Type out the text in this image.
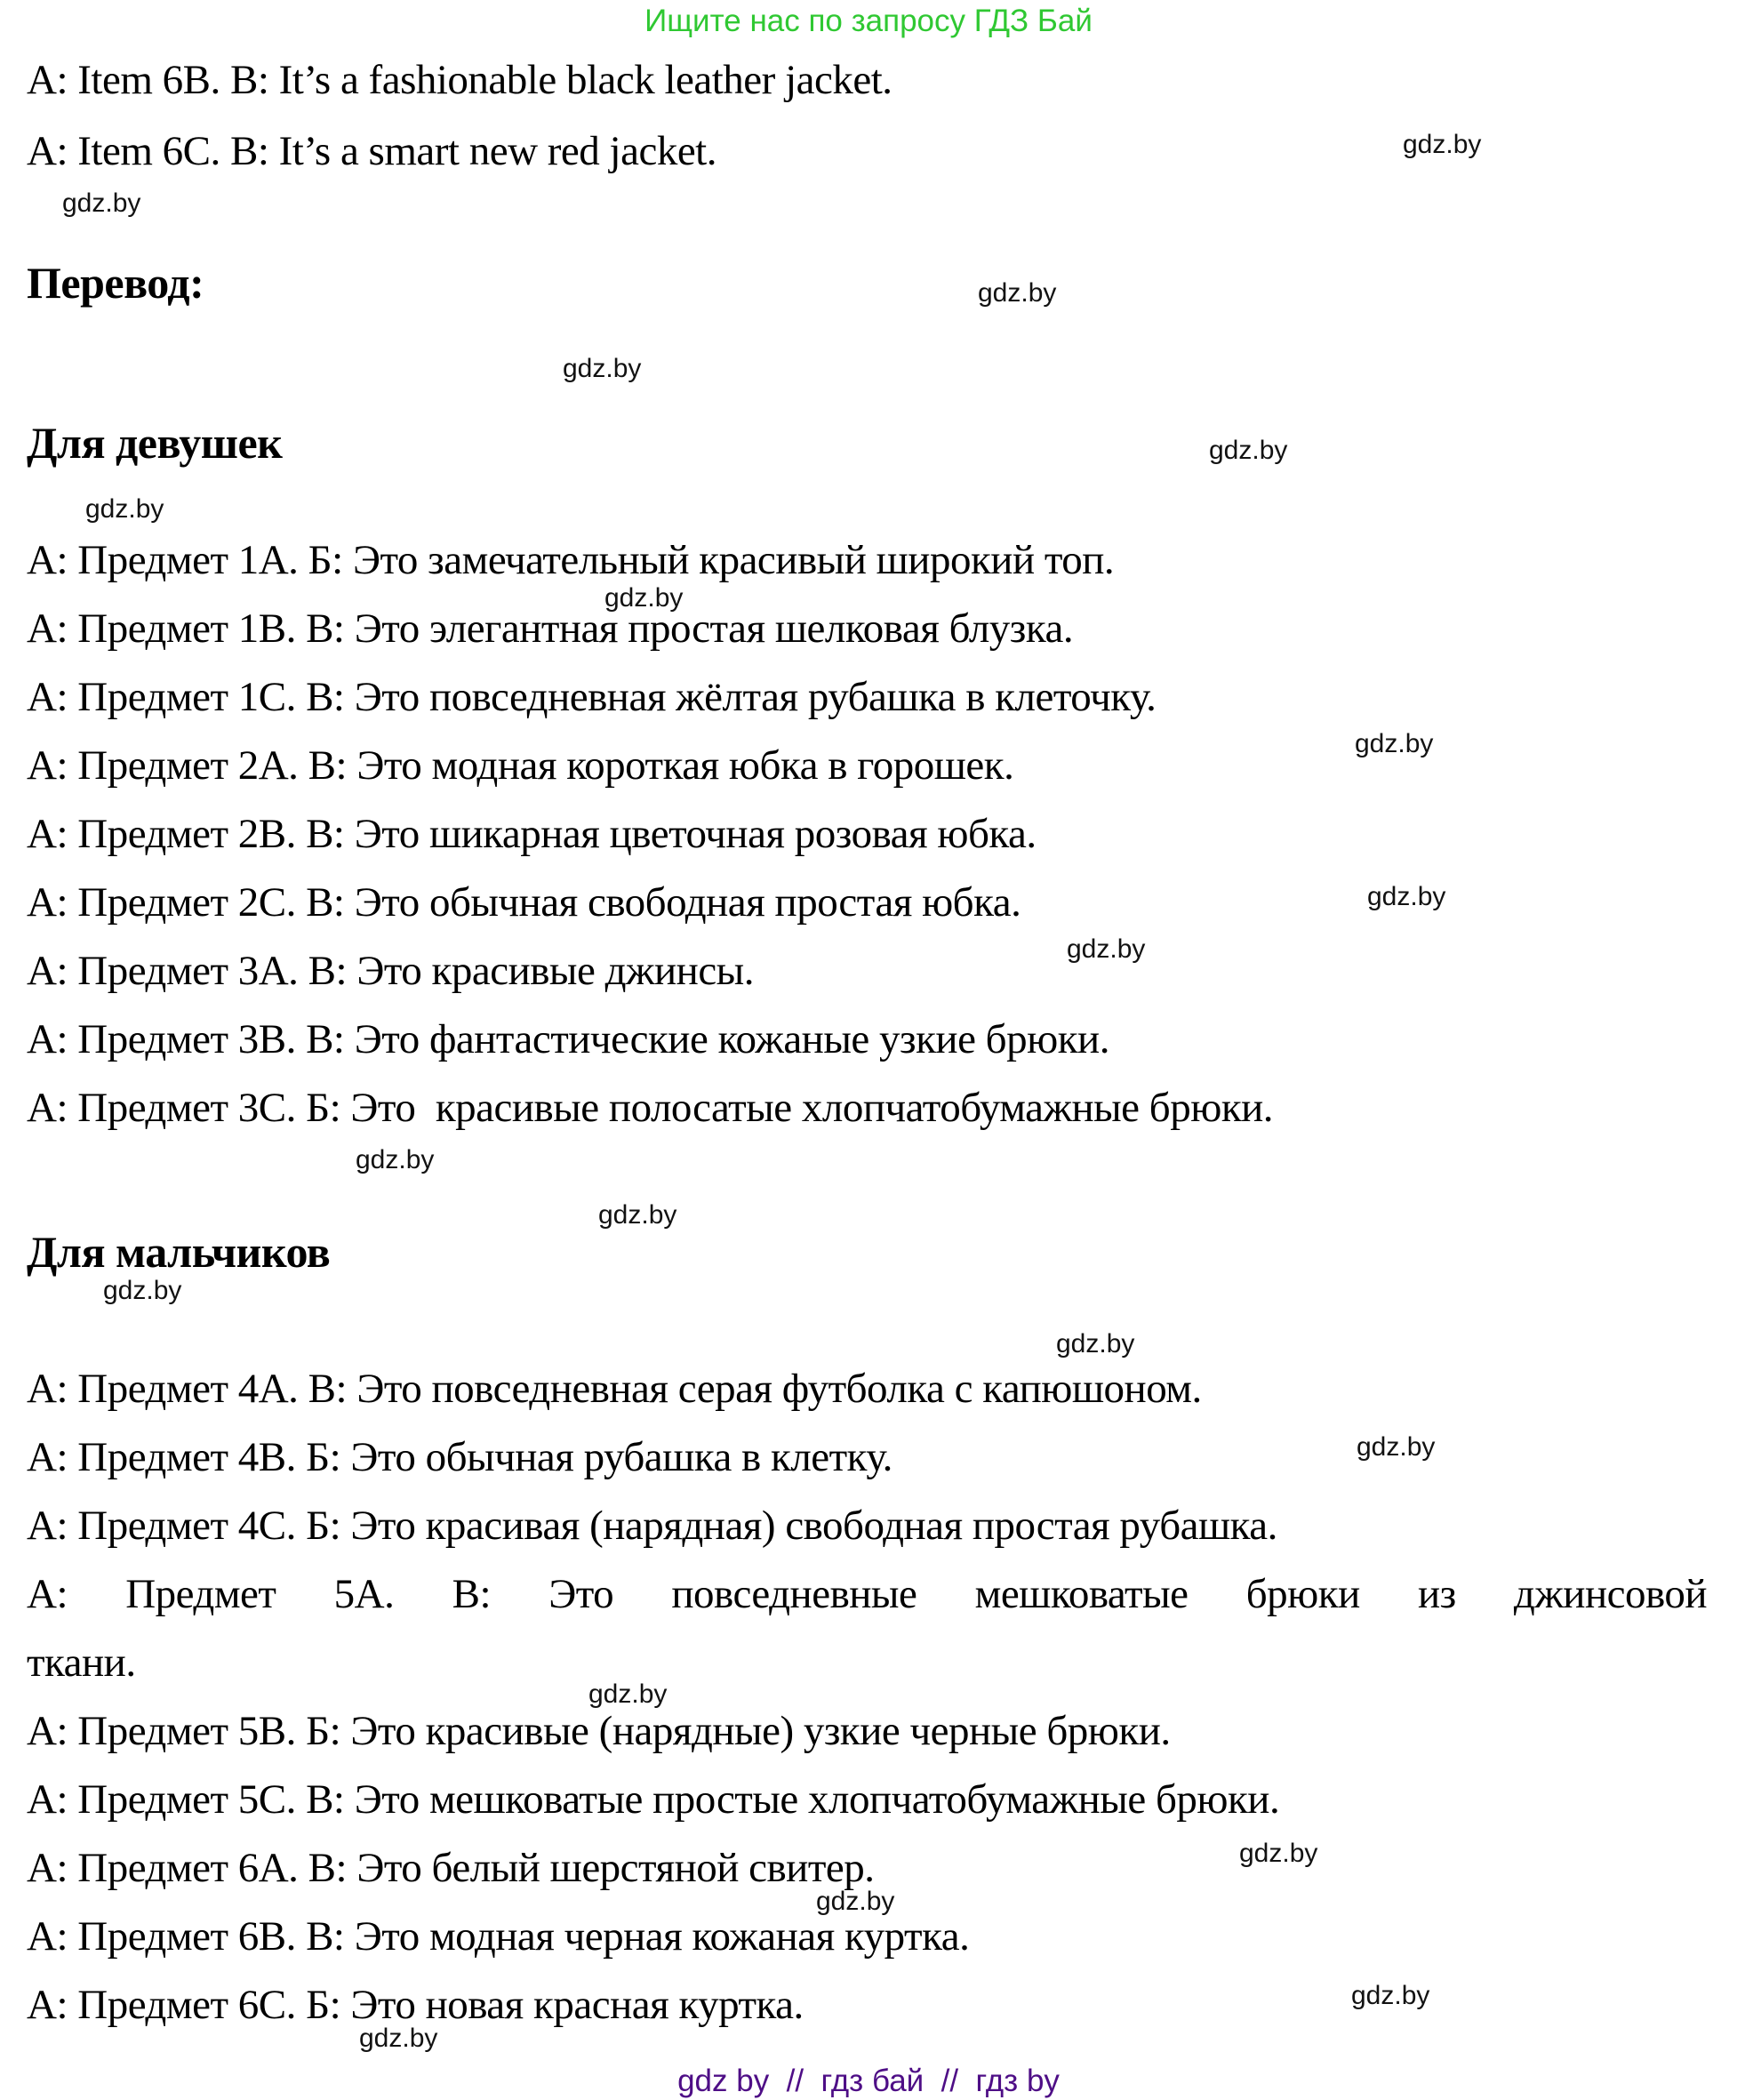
Ищите нас по запросу ГДЗ Бай
A: Item 6B. B: It’s a fashionable black leather jacket.
A: Item 6C. B: It’s a smart new red jacket.
Перевод:
Для девушек
А: Предмет 1А. Б: Это замечательный красивый широкий топ.
А: Предмет 1В. В: Это элегантная простая шелковая блузка.
А: Предмет 1С. В: Это повседневная жёлтая рубашка в клеточку.
А: Предмет 2А. В: Это модная короткая юбка в горошек.
А: Предмет 2В. В: Это шикарная цветочная розовая юбка.
А: Предмет 2С. В: Это обычная свободная простая юбка.
А: Предмет 3А. В: Это красивые джинсы.
А: Предмет 3В. В: Это фантастические кожаные узкие брюки.
А: Предмет 3С. Б: Это  красивые полосатые хлопчатобумажные брюки.
Для мальчиков
А: Предмет 4А. В: Это повседневная серая футболка с капюшоном.
А: Предмет 4В. Б: Это обычная рубашка в клетку.
А: Предмет 4С. Б: Это красивая (нарядная) свободная простая рубашка.
А: Предмет 5А. В: Это повседневные мешковатые брюки из джинсовой
ткани.
А: Предмет 5В. Б: Это красивые (нарядные) узкие черные брюки.
А: Предмет 5С. В: Это мешковатые простые хлопчатобумажные брюки.
А: Предмет 6А. В: Это белый шерстяной свитер.
А: Предмет 6В. В: Это модная черная кожаная куртка.
А: Предмет 6С. Б: Это новая красная куртка.
gdz.by
gdz.by
gdz.by
gdz.by
gdz.by
gdz.by
gdz.by
gdz.by
gdz.by
gdz.by
gdz.by
gdz.by
gdz.by
gdz.by
gdz.by
gdz.by
gdz.by
gdz.by
gdz.by
gdz.by
gdz by  //  гдз бай  //  гдз by
